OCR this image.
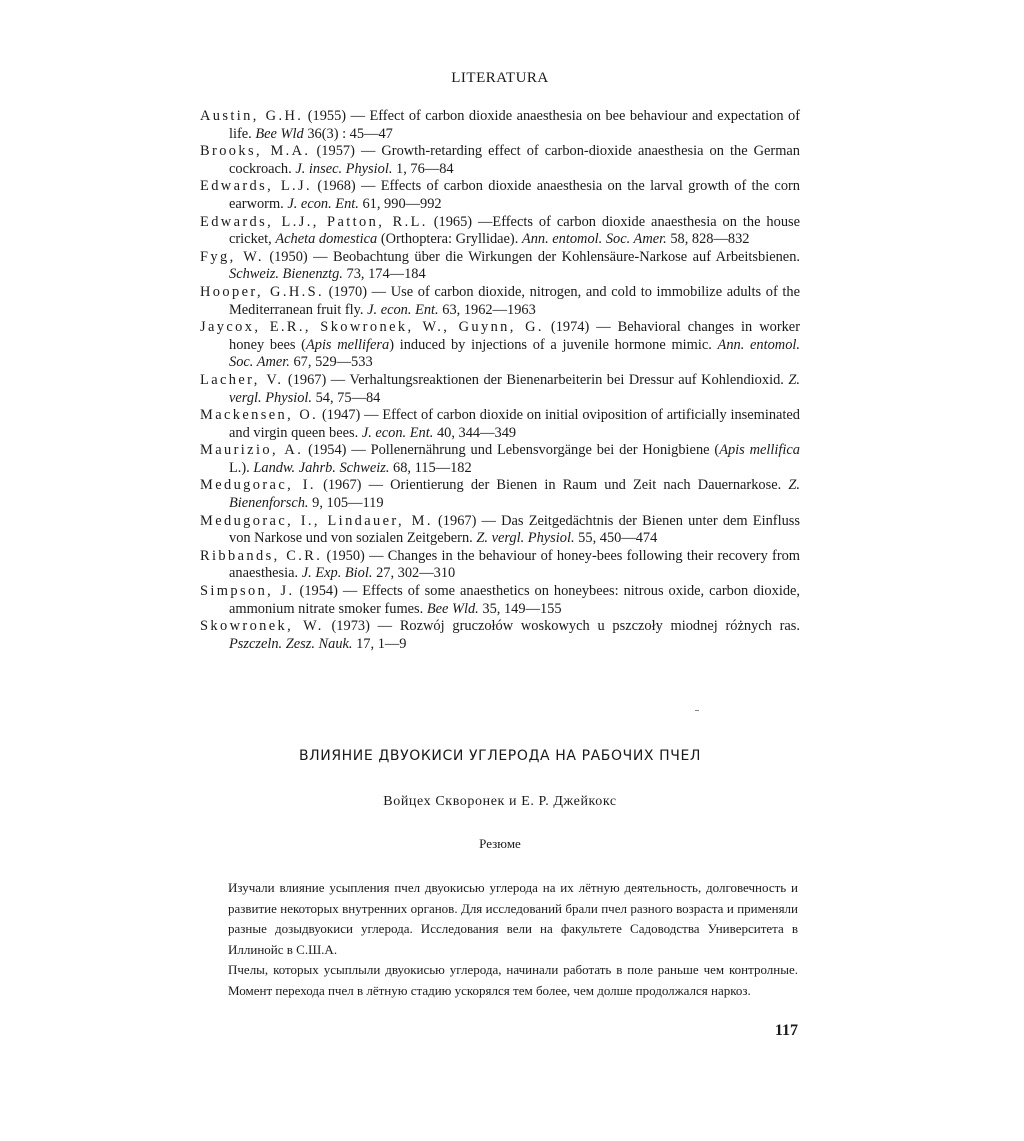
LITERATURA

Austin, G.H. (1955) — Effect of carbon dioxide anaesthesia on bee behaviour and expectation of life. Bee Wld 36(3) : 45—47

Brooks, M.A. (1957) — Growth-retarding effect of carbon-dioxide anaesthesia on the German cockroach. J. insec. Physiol. 1, 76—84

Edwards, L.J. (1968) — Effects of carbon dioxide anaesthesia on the larval growth of the corn earworm. J. econ. Ent. 61, 990—992

Edwards, L.J., Patton, R.L. (1965) —Effects of carbon dioxide anaesthesia on the house cricket, Acheta domestica (Orthoptera: Gryllidae). Ann. entomol. Soc. Amer. 58, 828—832

Fyg, W. (1950) — Beobachtung über die Wirkungen der Kohlensäure-Narkose auf Arbeitsbienen. Schweiz. Bienenztg. 73, 174—184

Hooper, G.H.S. (1970) — Use of carbon dioxide, nitrogen, and cold to immobilize adults of the Mediterranean fruit fly. J. econ. Ent. 63, 1962—1963

Jaycox, E.R., Skowronek, W., Guynn, G. (1974) — Behavioral changes in worker honey bees (Apis mellifera) induced by injections of a juvenile hormone mimic. Ann. entomol. Soc. Amer. 67, 529—533

Lacher, V. (1967) — Verhaltungsreaktionen der Bienenarbeiterin bei Dressur auf Kohlendioxid. Z. vergl. Physiol. 54, 75—84

Mackensen, O. (1947) — Effect of carbon dioxide on initial oviposition of artificially inseminated and virgin queen bees. J. econ. Ent. 40, 344—349

Maurizio, A. (1954) — Pollenernährung und Lebensvorgänge bei der Honigbiene (Apis mellifica L.). Landw. Jahrb. Schweiz. 68, 115—182

Medugorac, I. (1967) — Orientierung der Bienen in Raum und Zeit nach Dauernarkose. Z. Bienenforsch. 9, 105—119

Medugorac, I., Lindauer, M. (1967) — Das Zeitgedächtnis der Bienen unter dem Einfluss von Narkose und von sozialen Zeitgebern. Z. vergl. Physiol. 55, 450—474

Ribbands, C.R. (1950) — Changes in the behaviour of honey-bees following their recovery from anaesthesia. J. Exp. Biol. 27, 302—310

Simpson, J. (1954) — Effects of some anaesthetics on honeybees: nitrous oxide, carbon dioxide, ammonium nitrate smoker fumes. Bee Wld. 35, 149—155

Skowronek, W. (1973) — Rozwój gruczołów woskowych u pszczoły miodnej różnych ras. Pszczeln. Zesz. Nauk. 17, 1—9

ВЛИЯНИЕ ДВУОКИСИ УГЛЕРОДА НА РАБОЧИХ ПЧЕЛ
Войцех Скворонек и Е. Р. Джейкокс
Резюме

Изучали влияние усыпления пчел двуокисью углерода на их лётную деятельность, долговечность и развитие некоторых внутренних органов. Для исследований брали пчел разного возраста и применяли разные дозыдвуокиси углерода. Исследования вели на факультете Садоводства Университета в Иллинойс в С.Ш.А.

Пчелы, которых усыплыли двуокисью углерода, начинали работать в поле раньше чем контролные. Момент перехода пчел в лётную стадию ускорялся тем более, чем долше продолжался наркоз.

117
